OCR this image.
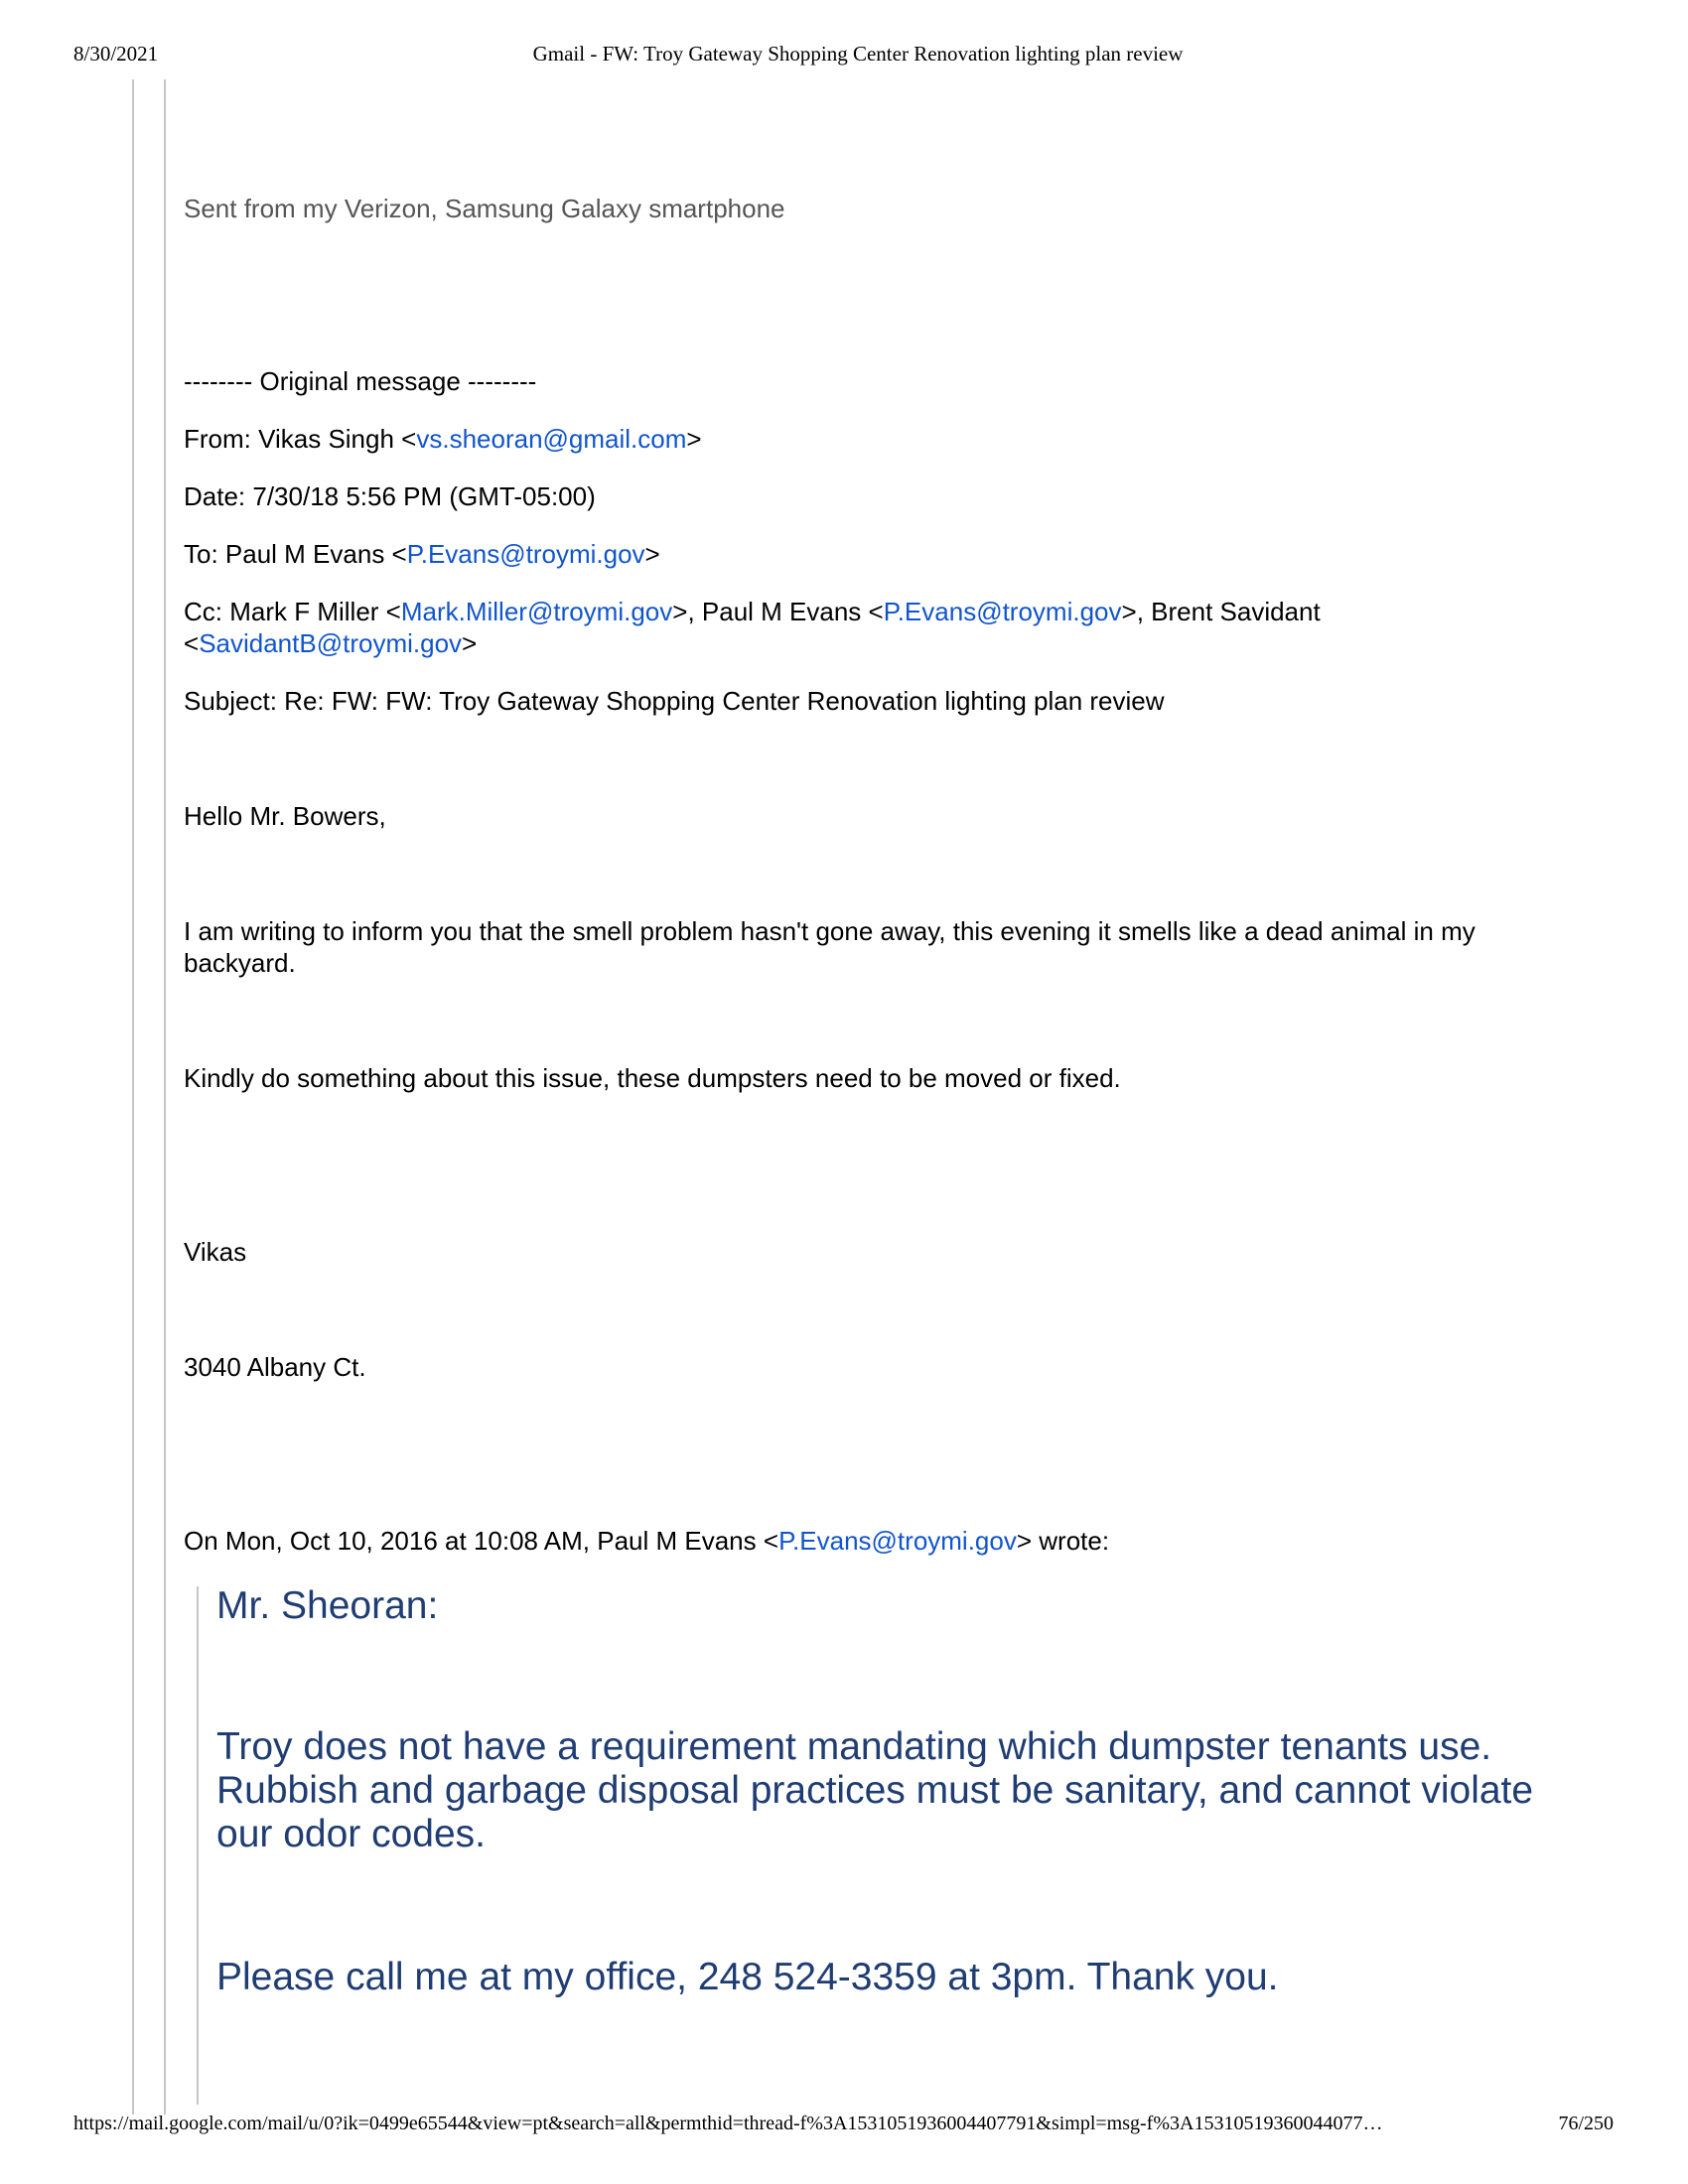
8/30/2021	Gmail - FW: Troy Gateway Shopping Center Renovation lighting plan review
Sent from my Verizon, Samsung Galaxy smartphone
-------- Original message --------
From: Vikas Singh <vs.sheoran@gmail.com>
Date: 7/30/18 5:56 PM (GMT-05:00)
To: Paul M Evans <P.Evans@troymi.gov>
Cc: Mark F Miller <Mark.Miller@troymi.gov>, Paul M Evans <P.Evans@troymi.gov>, Brent Savidant
<SavidantB@troymi.gov>
Subject: Re: FW: FW: Troy Gateway Shopping Center Renovation lighting plan review
Hello Mr. Bowers,
I am writing to inform you that the smell problem hasn't gone away, this evening it smells like a dead animal in my backyard.
Kindly do something about this issue, these dumpsters need to be moved or fixed.
Vikas
3040 Albany Ct.
On Mon, Oct 10, 2016 at 10:08 AM, Paul M Evans <P.Evans@troymi.gov> wrote:
Mr. Sheoran:
Troy does not have a requirement mandating which dumpster tenants use. Rubbish and garbage disposal practices must be sanitary, and cannot violate our odor codes.
Please call me at my office, 248 524-3359 at 3pm. Thank you.
https://mail.google.com/mail/u/0?ik=0499e65544&view=pt&search=all&permthid=thread-f%3A1531051936004407791&simpl=msg-f%3A15310519360044077…	76/250
